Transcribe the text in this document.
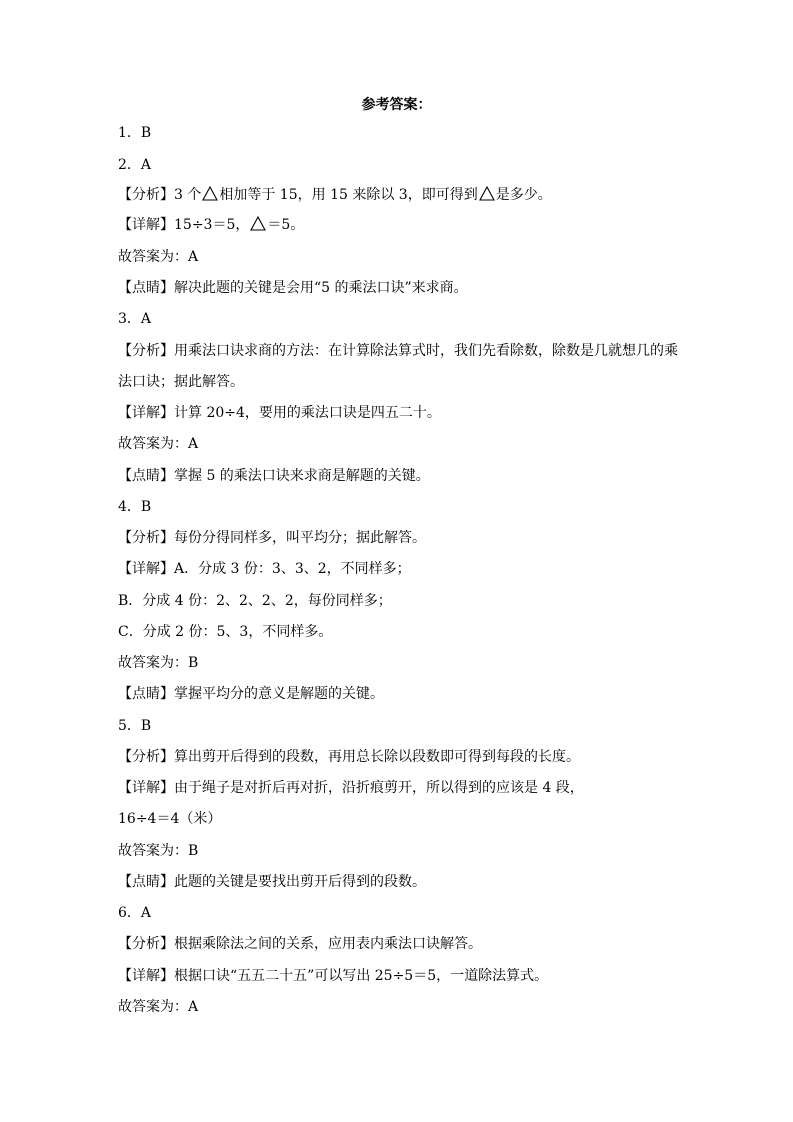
参考答案：
1．B
2．A
【分析】3 个 相加等于 15，用 15 来除以 3，即可得到 是多少。
【详解】15÷3＝5， ＝5。
故答案为：A
【点睛】解决此题的关键是会用“5 的乘法口诀”来求商。
3．A
【分析】用乘法口诀求商的方法：在计算除法算式时，我们先看除数，除数是几就想几的乘
法口诀；据此解答。
【详解】计算 20÷4，要用的乘法口诀是四五二十。
故答案为：A
【点睛】掌握 5 的乘法口诀来求商是解题的关键。
4．B
【分析】每份分得同样多，叫平均分；据此解答。
【详解】A．分成 3 份：3、3、2，不同样多；
B．分成 4 份：2、2、2、2，每份同样多；
C．分成 2 份：5、3，不同样多。
故答案为：B
【点睛】掌握平均分的意义是解题的关键。
5．B
【分析】算出剪开后得到的段数，再用总长除以段数即可得到每段的长度。
【详解】由于绳子是对折后再对折，沿折痕剪开，所以得到的应该是 4 段，
16÷4＝4（米）
故答案为：B
【点睛】此题的关键是要找出剪开后得到的段数。
6．A
【分析】根据乘除法之间的关系，应用表内乘法口诀解答。
【详解】根据口诀“五五二十五”可以写出 25÷5＝5，一道除法算式。
故答案为：A
